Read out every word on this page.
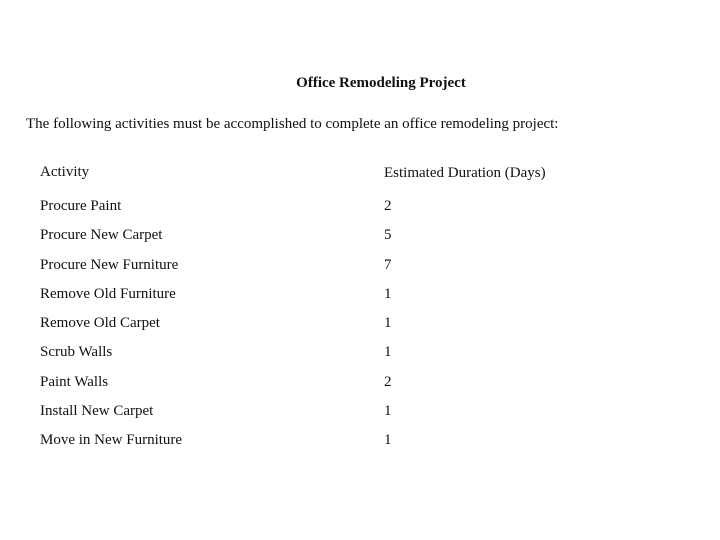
Office Remodeling Project
The following activities must be accomplished to complete an office remodeling project:
Activity	Estimated Duration (Days)
Procure Paint	2
Procure New Carpet	5
Procure New Furniture	7
Remove Old Furniture	1
Remove Old Carpet	1
Scrub Walls	1
Paint Walls	2
Install New Carpet	1
Move in New Furniture	1
